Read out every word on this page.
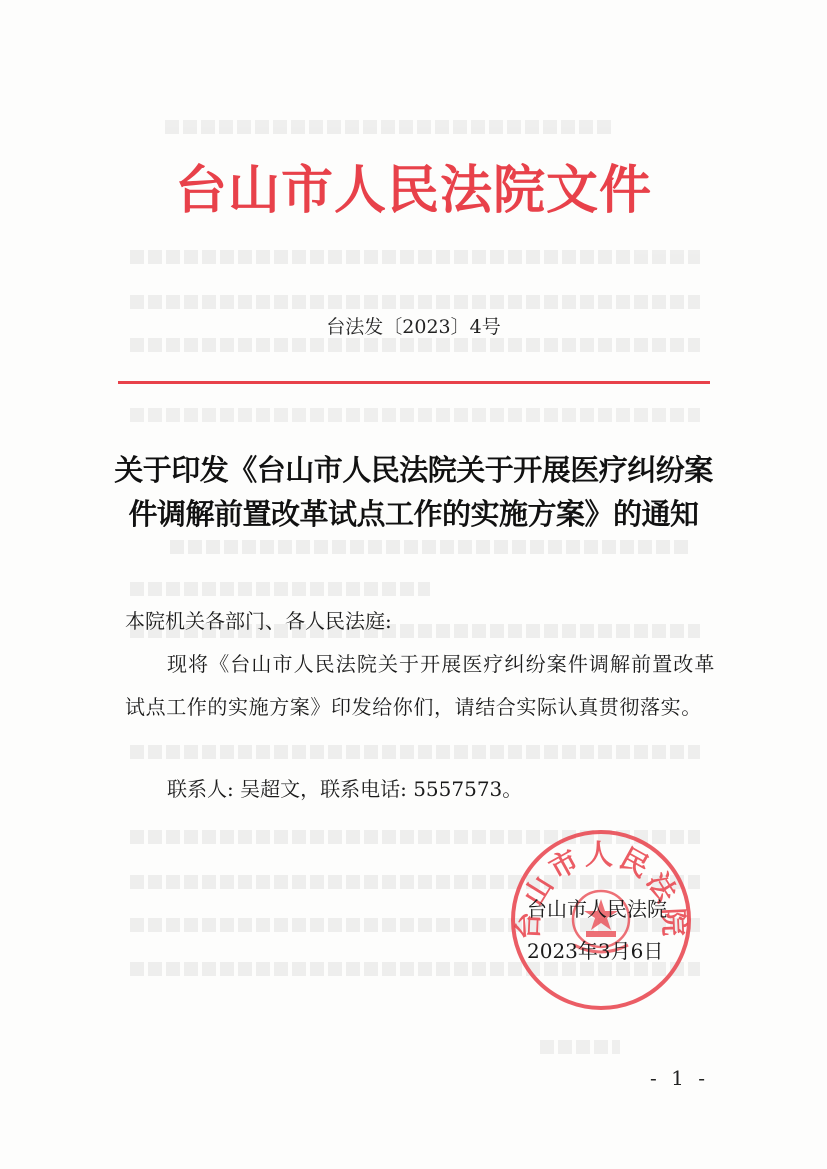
台山市人民法院文件
台法发〔2023〕4号
关于印发《台山市人民法院关于开展医疗纠纷案
件调解前置改革试点工作的实施方案》的通知
本院机关各部门、各人民法庭:
现将《台山市人民法院关于开展医疗纠纷案件调解前置改革试点工作的实施方案》印发给你们，请结合实际认真贯彻落实。
联系人: 吴超文，联系电话: 5557573。
台山市人民法院
台山市人民法院
2023年3月6日
- 1 -
